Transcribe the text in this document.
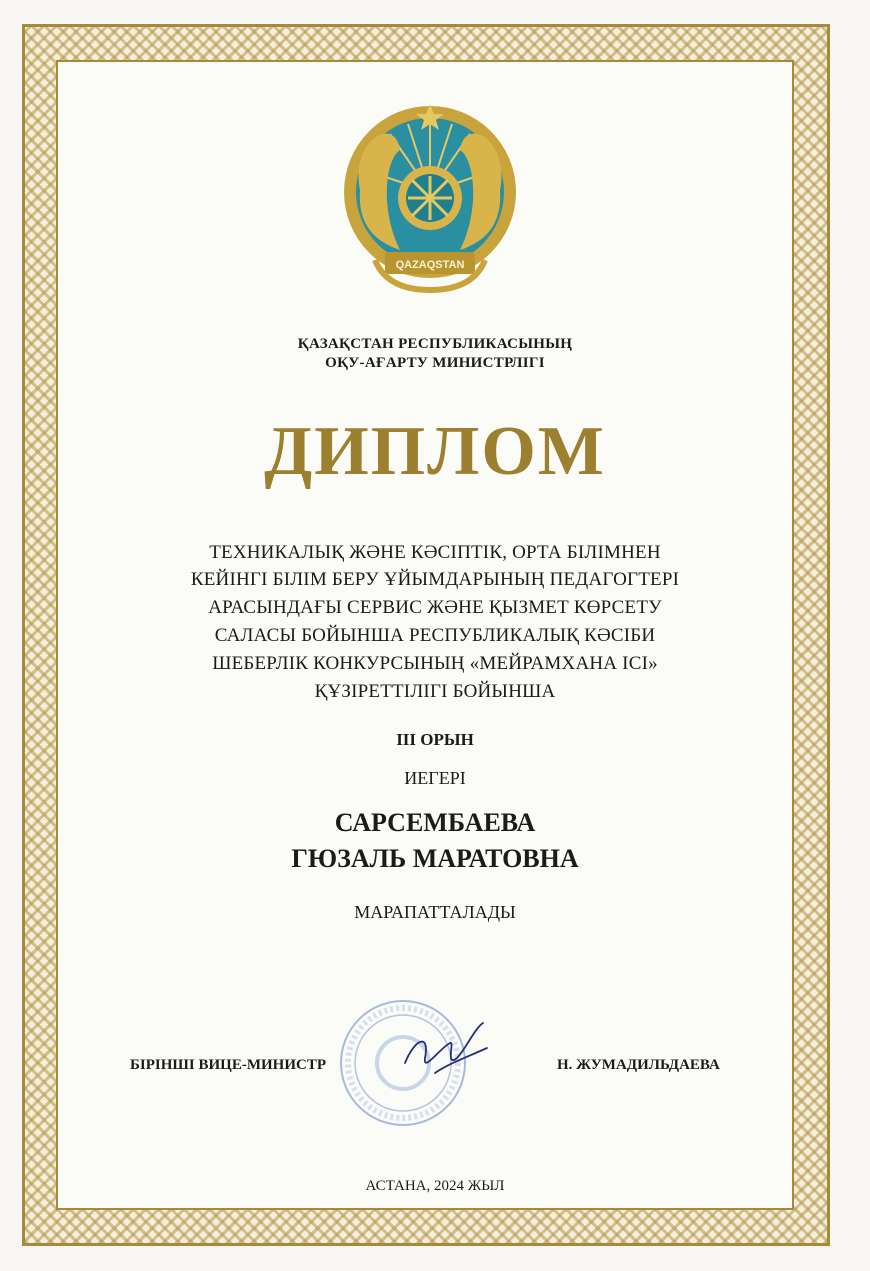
QAZAQSTAN
ҚАЗАҚСТАН РЕСПУБЛИКАСЫНЫҢ
ОҚУ-АҒАРТУ МИНИСТРЛІГІ
ДИПЛОМ
ТЕХНИКАЛЫҚ ЖӘНЕ КӘСІПТІК, ОРТА БІЛІМНЕН
КЕЙІНГІ БІЛІМ БЕРУ ҰЙЫМДАРЫНЫҢ ПЕДАГОГТЕРІ
АРАСЫНДАҒЫ СЕРВИС ЖӘНЕ ҚЫЗМЕТ КӨРСЕТУ
САЛАСЫ БОЙЫНША РЕСПУБЛИКАЛЫҚ КӘСІБИ
ШЕБЕРЛІК КОНКУРСЫНЫҢ «МЕЙРАМХАНА ІСІ»
ҚҰЗІРЕТТІЛІГІ БОЙЫНША
III ОРЫН
ИЕГЕРІ
САРСЕМБАЕВА
ГЮЗАЛЬ МАРАТОВНА
МАРАПАТТАЛАДЫ
БІРІНШІ ВИЦЕ-МИНИСТР	Н. ЖУМАДИЛЬДАЕВА
АСТАНА, 2024 ЖЫЛ
